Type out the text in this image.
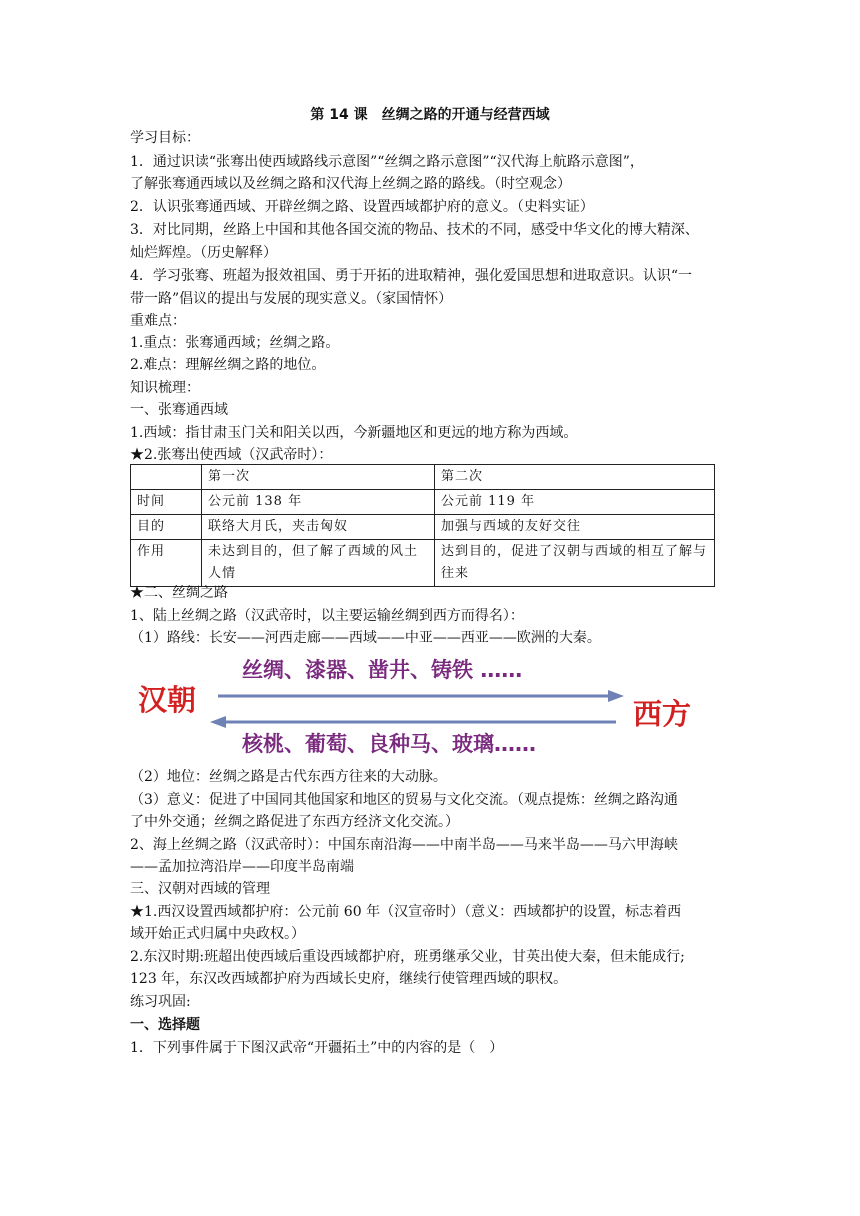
第 14 课　丝绸之路的开通与经营西域
学习目标：
1．通过识读“张骞出使西域路线示意图”“丝绸之路示意图”“汉代海上航路示意图”，
了解张骞通西域以及丝绸之路和汉代海上丝绸之路的路线。（时空观念）
2．认识张骞通西域、开辟丝绸之路、设置西域都护府的意义。（史料实证）
3．对比同期，丝路上中国和其他各国交流的物品、技术的不同，感受中华文化的博大精深、
灿烂辉煌。（历史解释）
4．学习张骞、班超为报效祖国、勇于开拓的进取精神，强化爱国思想和进取意识。认识“一
带一路”倡议的提出与发展的现实意义。（家国情怀）
重难点：
1.重点：张骞通西域；丝绸之路。
2.难点：理解丝绸之路的地位。
知识梳理：
一、张骞通西域
1.西域：指甘肃玉门关和阳关以西，今新疆地区和更远的地方称为西域。
★2.张骞出使西域（汉武帝时）：
	第一次	第二次
时间	公元前 138 年	公元前 119 年
目的	联络大月氏，夹击匈奴	加强与西域的友好交往
作用	未达到目的，但了解了西域的风土人情	达到目的，促进了汉朝与西域的相互了解与往来
★二、丝绸之路
1、陆上丝绸之路（汉武帝时，以主要运输丝绸到西方而得名）：
（1）路线：长安——河西走廊——西域——中亚——西亚——欧洲的大秦。
汉朝	西方
丝绸、漆器、凿井、铸铁 ……
核桃、葡萄、良种马、玻璃……
（2）地位：丝绸之路是古代东西方往来的大动脉。
（3）意义：促进了中国同其他国家和地区的贸易与文化交流。（观点提炼：丝绸之路沟通
了中外交通；丝绸之路促进了东西方经济文化交流。）
2、海上丝绸之路（汉武帝时）：中国东南沿海——中南半岛——马来半岛——马六甲海峡
——孟加拉湾沿岸——印度半岛南端
三、汉朝对西域的管理
★1.西汉设置西域都护府：公元前 60 年（汉宣帝时）（意义：西域都护的设置，标志着西
域开始正式归属中央政权。）
2.东汉时期:班超出使西域后重设西域都护府，班勇继承父业，甘英出使大秦，但未能成行;
123 年，东汉改西域都护府为西域长史府，继续行使管理西域的职权。
练习巩固:
一、选择题
1．下列事件属于下图汉武帝“开疆拓土”中的内容的是（　）
